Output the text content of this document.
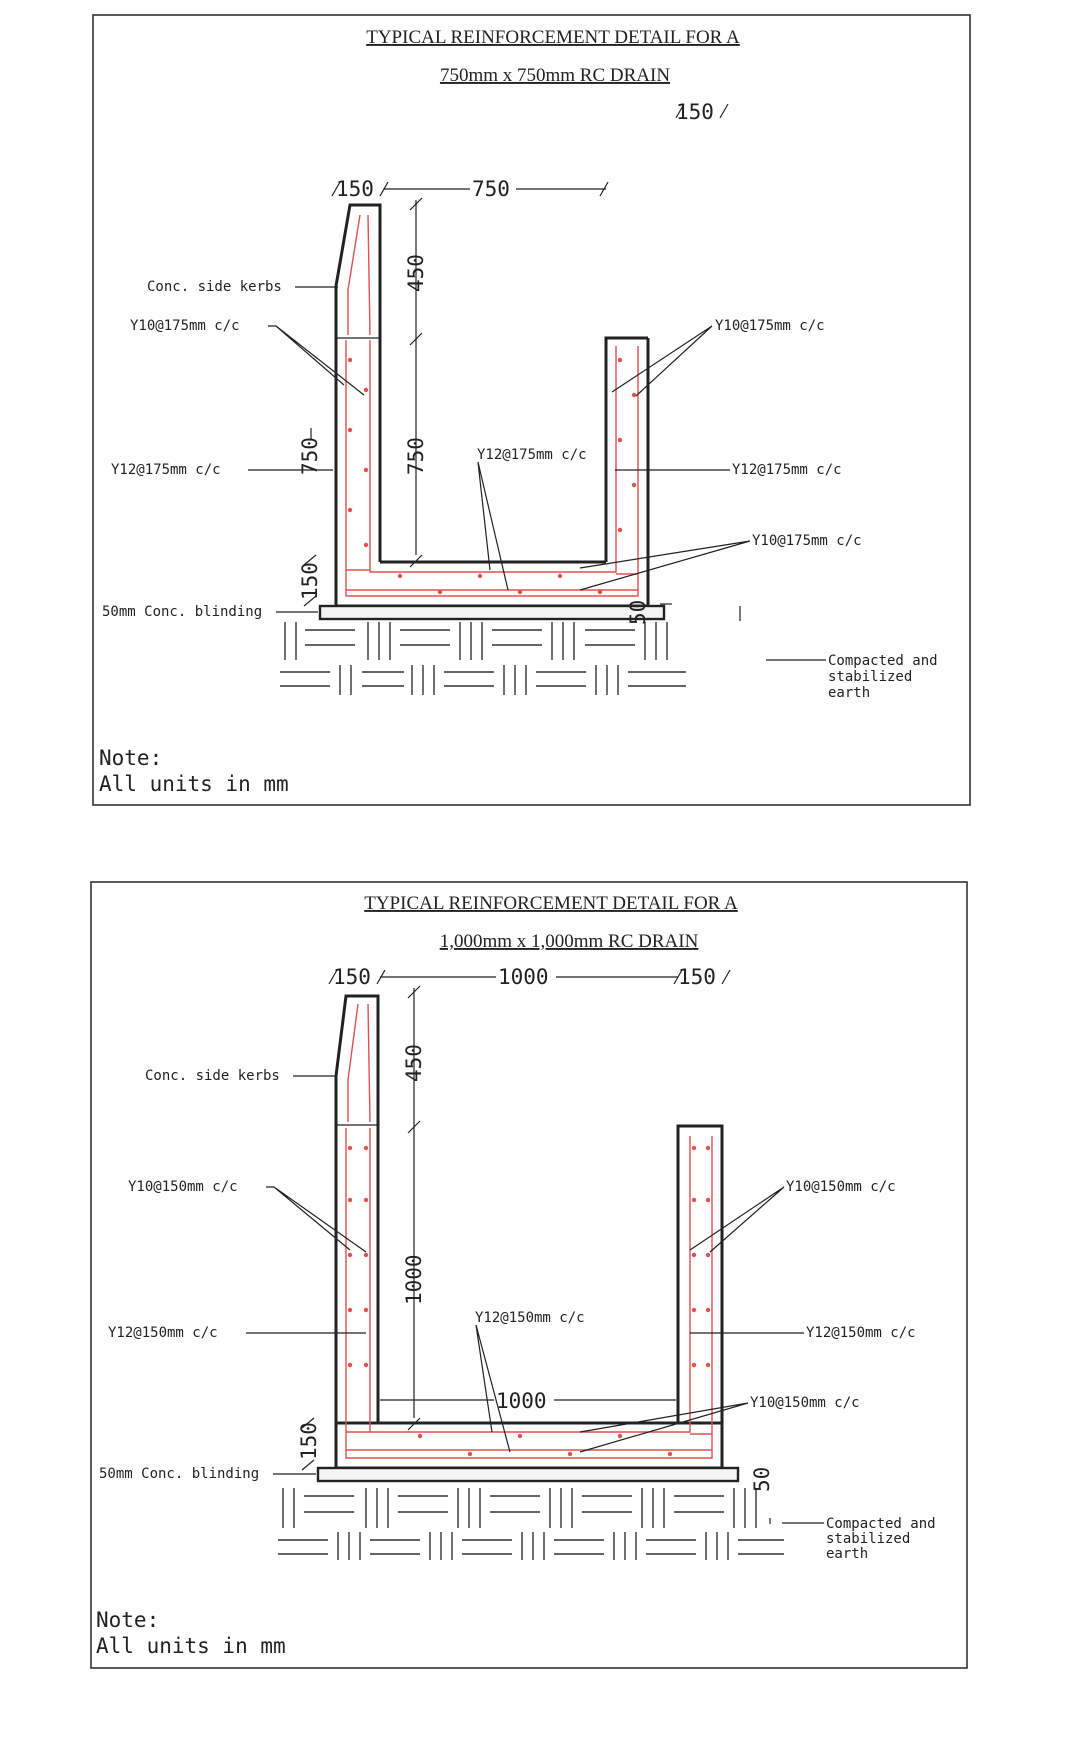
TYPICAL REINFORCEMENT DETAIL FOR A
750mm x 750mm RC DRAIN
150
150	750
750
150
450
750
50
Conc. side kerbs
Y10@175mm c/c
Y12@175mm c/c
Y12@175mm c/c
Y10@175mm c/c
Y12@175mm c/c
Y10@175mm c/c
50mm Conc. blinding
Compacted and
stabilized
earth
Note:
All units in mm
TYPICAL REINFORCEMENT DETAIL FOR A
1,000mm x 1,000mm RC DRAIN
150	1000	150
450
1000
1000
150
50
Conc. side kerbs
Y10@150mm c/c
Y12@150mm c/c
Y12@150mm c/c
Y10@150mm c/c
Y12@150mm c/c
Y10@150mm c/c
50mm Conc. blinding
Compacted and
stabilized
earth
Note:
All units in mm
